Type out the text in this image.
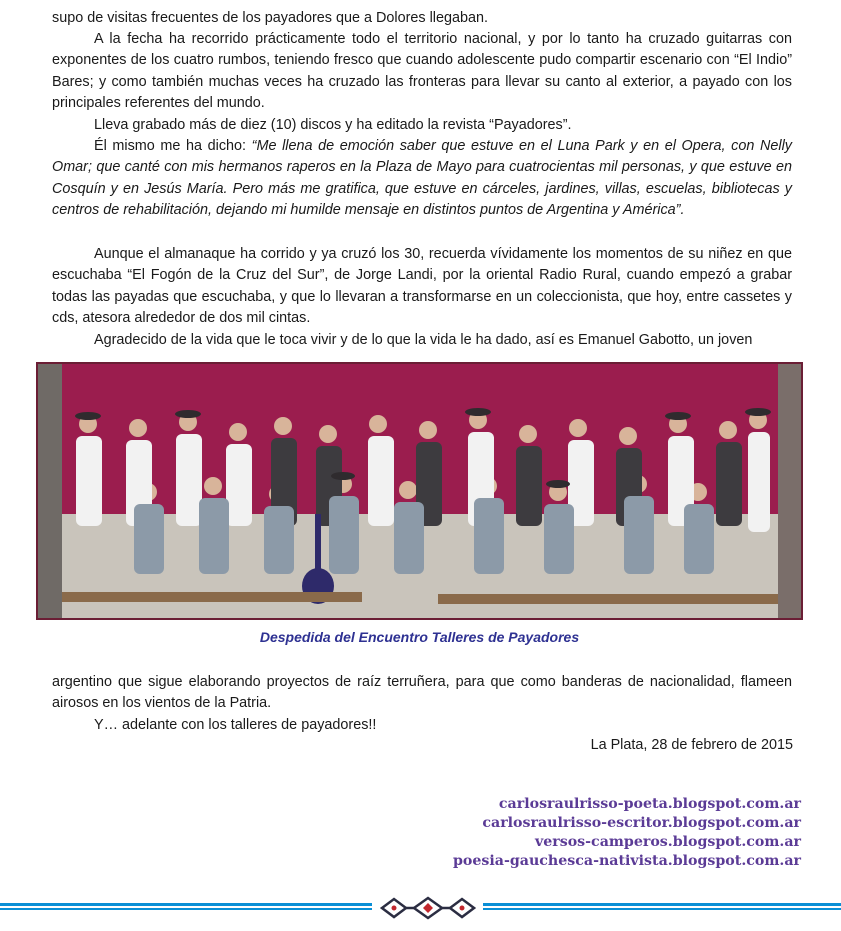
supo de visitas frecuentes de los payadores que a Dolores llegaban.

A la fecha ha recorrido prácticamente todo el territorio nacional, y por lo tanto ha cruzado guitarras con exponentes de los cuatro rumbos, teniendo fresco que cuando adolescente pudo compartir escenario con “El Indio” Bares; y como también muchas veces ha cruzado las fronteras para llevar su canto al exterior, a payado con los principales referentes del mundo.

Lleva grabado más de diez (10) discos y ha editado la revista “Payadores”.

Él mismo me ha dicho: “Me llena de emoción saber que estuve en el Luna Park y en el Opera, con Nelly Omar; que canté con mis hermanos raperos en la Plaza de Mayo para cuatrocientas mil personas, y que estuve en Cosquín y en Jesús María. Pero más me gratifica, que estuve en cárceles, jardines, villas, escuelas, bibliotecas y centros de rehabilitación, dejando mi humilde mensaje en distintos puntos de Argentina y América”.

Aunque el almanaque ha corrido y ya cruzó los 30, recuerda vívidamente los momentos de su niñez en que escuchaba “El Fogón de la Cruz del Sur”, de Jorge Landi, por la oriental Radio Rural, cuando empezó a grabar todas las payadas que escuchaba, y que lo llevaran a transformarse en un coleccionista, que hoy, entre cassetes y cds, atesora alrededor de dos mil cintas.

Agradecido de la vida que le toca vivir y de lo que la vida le ha dado, así es Emanuel Gabotto, un joven

Despedida del Encuentro Talleres de Payadores

argentino que sigue elaborando proyectos de raíz terruñera, para que como banderas de nacionalidad, flameen airosos en los vientos de la Patria.

Y… adelante con los talleres de payadores!!

La Plata, 28 de febrero de 2015

carlosraulrisso-poeta.blogspot.com.ar
carlosraulrisso-escritor.blogspot.com.ar
versos-camperos.blogspot.com.ar
poesia-gauchesca-nativista.blogspot.com.ar
